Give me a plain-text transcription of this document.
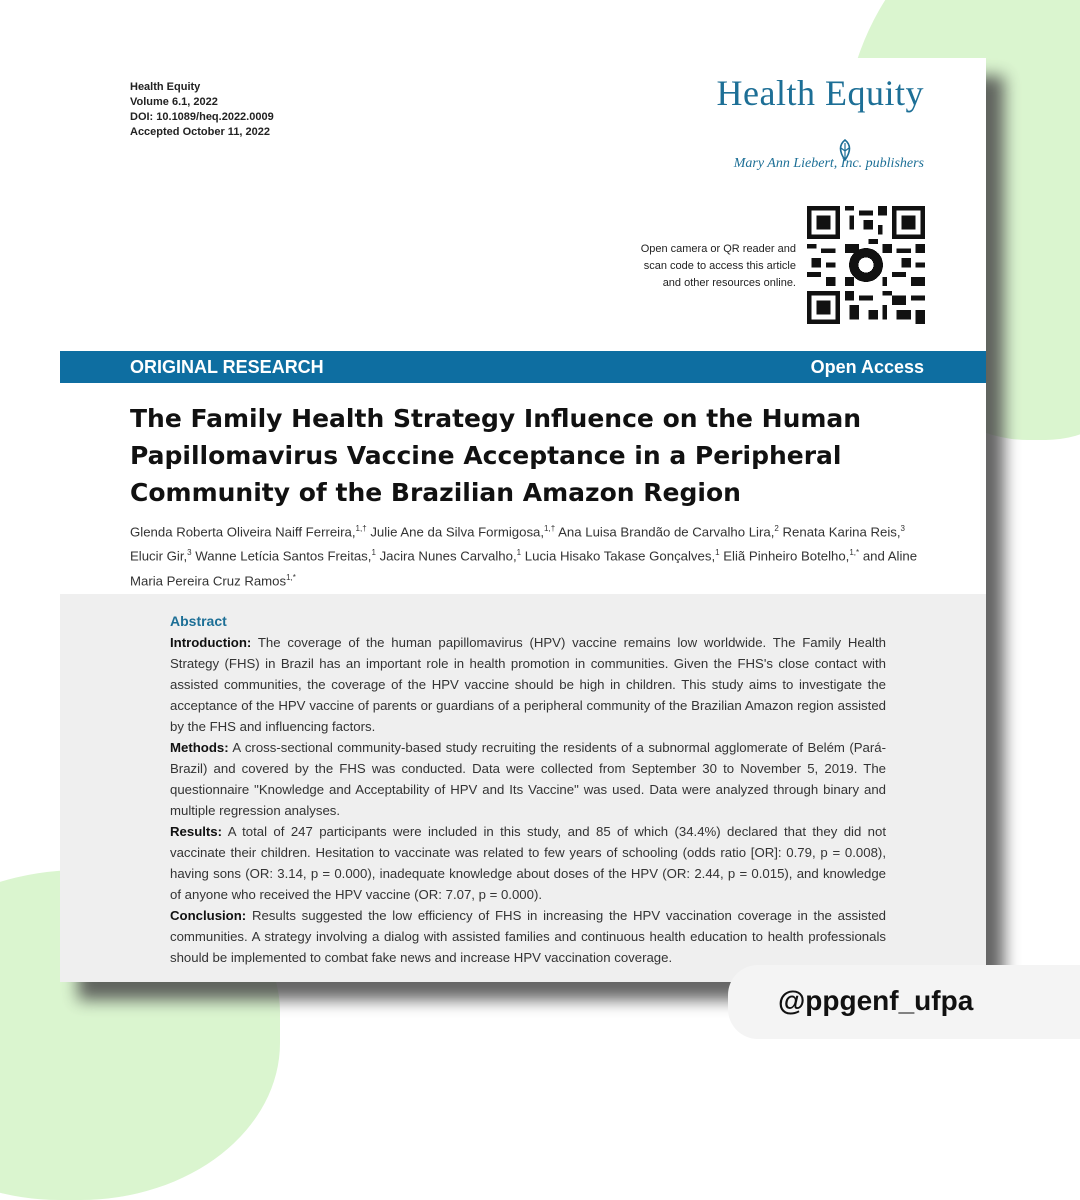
Health Equity
Volume 6.1, 2022
DOI: 10.1089/heq.2022.0009
Accepted October 11, 2022
Health Equity
Mary Ann Liebert, Inc. publishers
Open camera or QR reader and
scan code to access this article
and other resources online.
ORIGINAL RESEARCH	Open Access
The Family Health Strategy Influence on the Human Papillomavirus Vaccine Acceptance in a Peripheral Community of the Brazilian Amazon Region
Glenda Roberta Oliveira Naiff Ferreira,$^{1,\dagger}$ Julie Ane da Silva Formigosa,$^{1,\dagger}$ Ana Luisa Brandão de Carvalho Lira,$^2$ Renata Karina Reis,$^3$ Elucir Gir,$^3$ Wanne Letícia Santos Freitas,$^1$ Jacira Nunes Carvalho,$^1$ Lucia Hisako Takase Gonçalves,$^1$ Eliã Pinheiro Botelho,$^{1,*}$ and Aline Maria Pereira Cruz Ramos$^{1,*}$
Abstract

Introduction: The coverage of the human papillomavirus (HPV) vaccine remains low worldwide. The Family Health Strategy (FHS) in Brazil has an important role in health promotion in communities. Given the FHS's close contact with assisted communities, the coverage of the HPV vaccine should be high in children. This study aims to investigate the acceptance of the HPV vaccine of parents or guardians of a peripheral community of the Brazilian Amazon region assisted by the FHS and influencing factors.

Methods: A cross-sectional community-based study recruiting the residents of a subnormal agglomerate of Belém (Pará-Brazil) and covered by the FHS was conducted. Data were collected from September 30 to November 5, 2019. The questionnaire "Knowledge and Acceptability of HPV and Its Vaccine" was used. Data were analyzed through binary and multiple regression analyses.

Results: A total of 247 participants were included in this study, and 85 of which (34.4%) declared that they did not vaccinate their children. Hesitation to vaccinate was related to few years of schooling (odds ratio [OR]: 0.79, p = 0.008), having sons (OR: 3.14, p = 0.000), inadequate knowledge about doses of the HPV (OR: 2.44, p = 0.015), and knowledge of anyone who received the HPV vaccine (OR: 7.07, p = 0.000).

Conclusion: Results suggested the low efficiency of FHS in increasing the HPV vaccination coverage in the assisted communities. A strategy involving a dialog with assisted families and continuous health education to health professionals should be implemented to combat fake news and increase HPV vaccination coverage.

@ppgenf_ufpa
